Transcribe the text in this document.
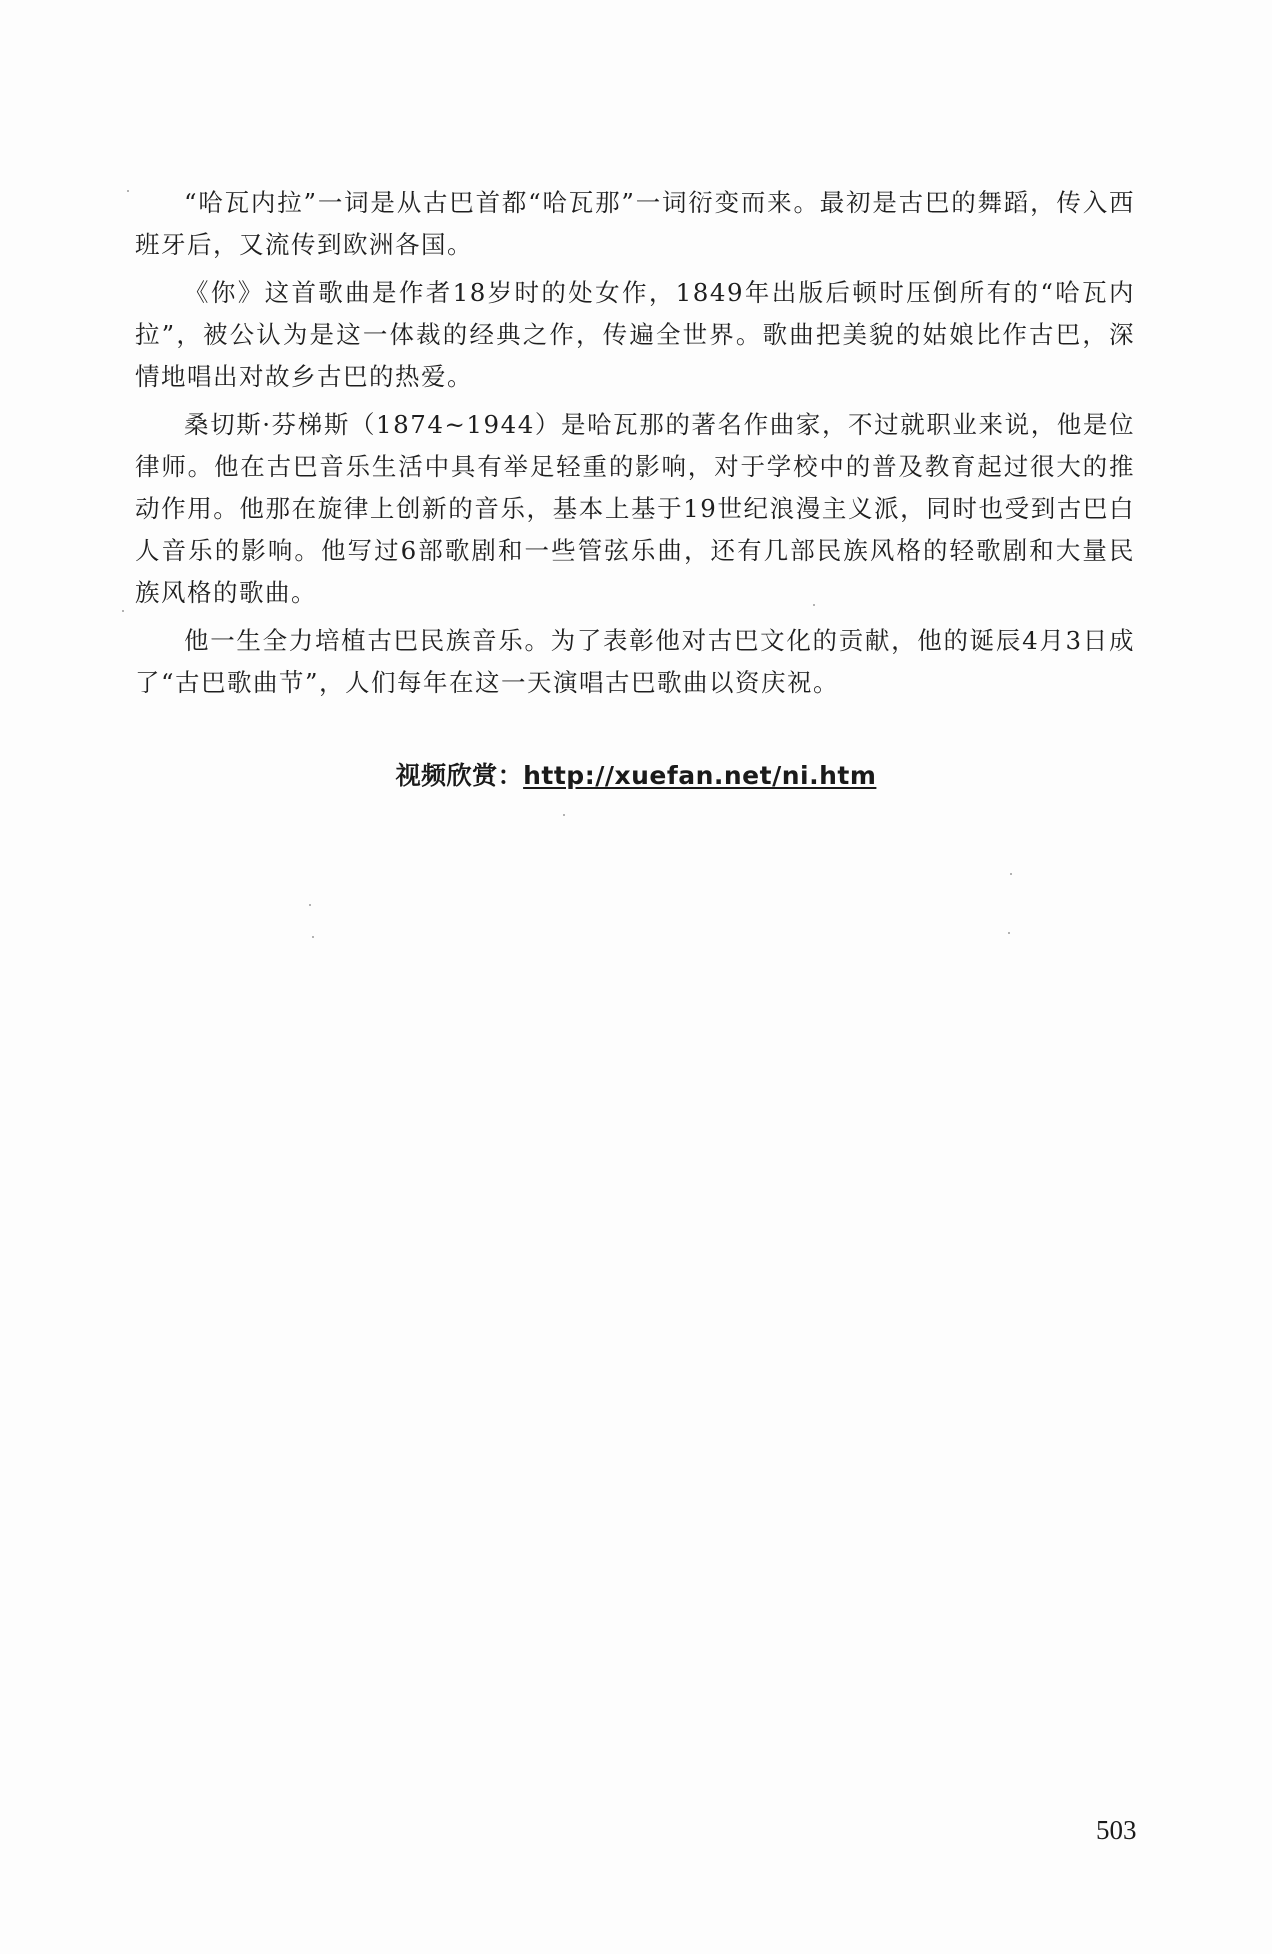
“哈瓦内拉”一词是从古巴首都“哈瓦那”一词衍变而来。最初是古巴的舞蹈，传入西班牙后，又流传到欧洲各国。

《你》这首歌曲是作者18岁时的处女作，1849年出版后顿时压倒所有的“哈瓦内拉”，被公认为是这一体裁的经典之作，传遍全世界。歌曲把美貌的姑娘比作古巴，深情地唱出对故乡古巴的热爱。

桑切斯·芬梯斯（1874~1944）是哈瓦那的著名作曲家，不过就职业来说，他是位律师。他在古巴音乐生活中具有举足轻重的影响，对于学校中的普及教育起过很大的推动作用。他那在旋律上创新的音乐，基本上基于19世纪浪漫主义派，同时也受到古巴白人音乐的影响。他写过6部歌剧和一些管弦乐曲，还有几部民族风格的轻歌剧和大量民族风格的歌曲。

他一生全力培植古巴民族音乐。为了表彰他对古巴文化的贡献，他的诞辰4月3日成了“古巴歌曲节”，人们每年在这一天演唱古巴歌曲以资庆祝。

视频欣赏：http://xuefan.net/ni.htm
503
